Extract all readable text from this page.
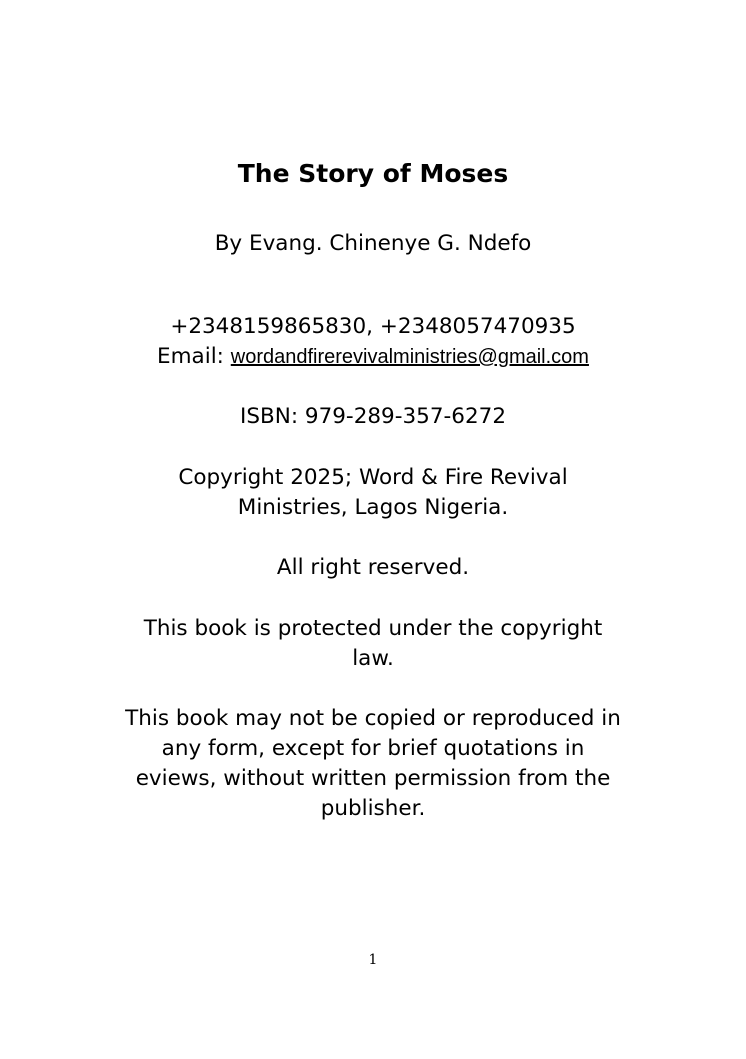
The Story of Moses
By Evang. Chinenye G. Ndefo
+2348159865830, +2348057470935
Email: wordandfirerevivalministries@gmail.com
ISBN: 979-289-357-6272
Copyright 2025; Word & Fire Revival
Ministries, Lagos Nigeria.
All right reserved.
This book is protected under the copyright
law.
This book may not be copied or reproduced in
any form, except for brief quotations in
eviews, without written permission from the
publisher.
1
